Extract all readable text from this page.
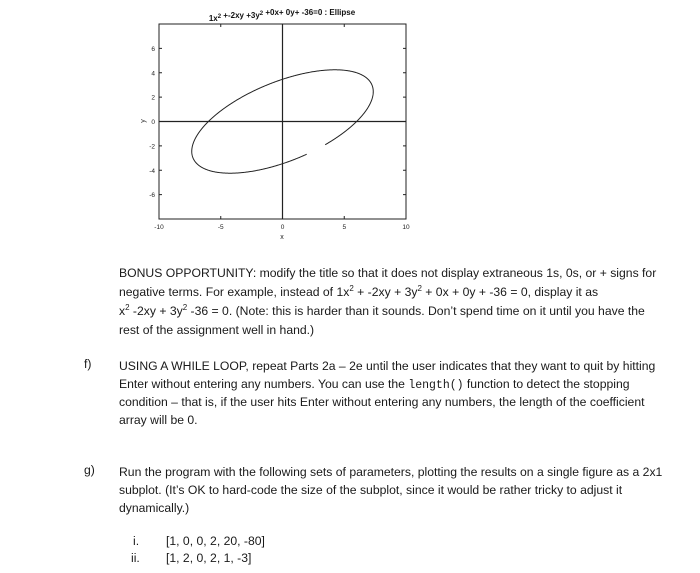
$1x^2 +-2xy +3y^2 +0x+ 0y+ -36=0$ : Ellipse
-10	-5	0	5	10
-6
-4
-2
0
2
4
6
x
y
BONUS OPPORTUNITY: modify the title so that it does not display extraneous 1s, 0s, or + signs for
negative terms. For example, instead of $1x^2 + -2xy + 3y^2 + 0x + 0y + -36 = 0$, display it as
$x^2$ $-2xy + 3y^2$ -36 = 0. (Note: this is harder than it sounds. Don’t spend time on it until you have the
rest of the assignment well in hand.)
f) USING A WHILE LOOP, repeat Parts 2a – 2e until the user indicates that they want to quit by hitting
Enter without entering any numbers. You can use the length() function to detect the stopping
condition – that is, if the user hits Enter without entering any numbers, the length of the coefficient
array will be 0.
g) Run the program with the following sets of parameters, plotting the results on a single figure as a 2x1
subplot. (It’s OK to hard-code the size of the subplot, since it would be rather tricky to adjust it
dynamically.)
i. [1, 0, 0, 2, 20, -80]
ii. [1, 2, 0, 2, 1, -3]
